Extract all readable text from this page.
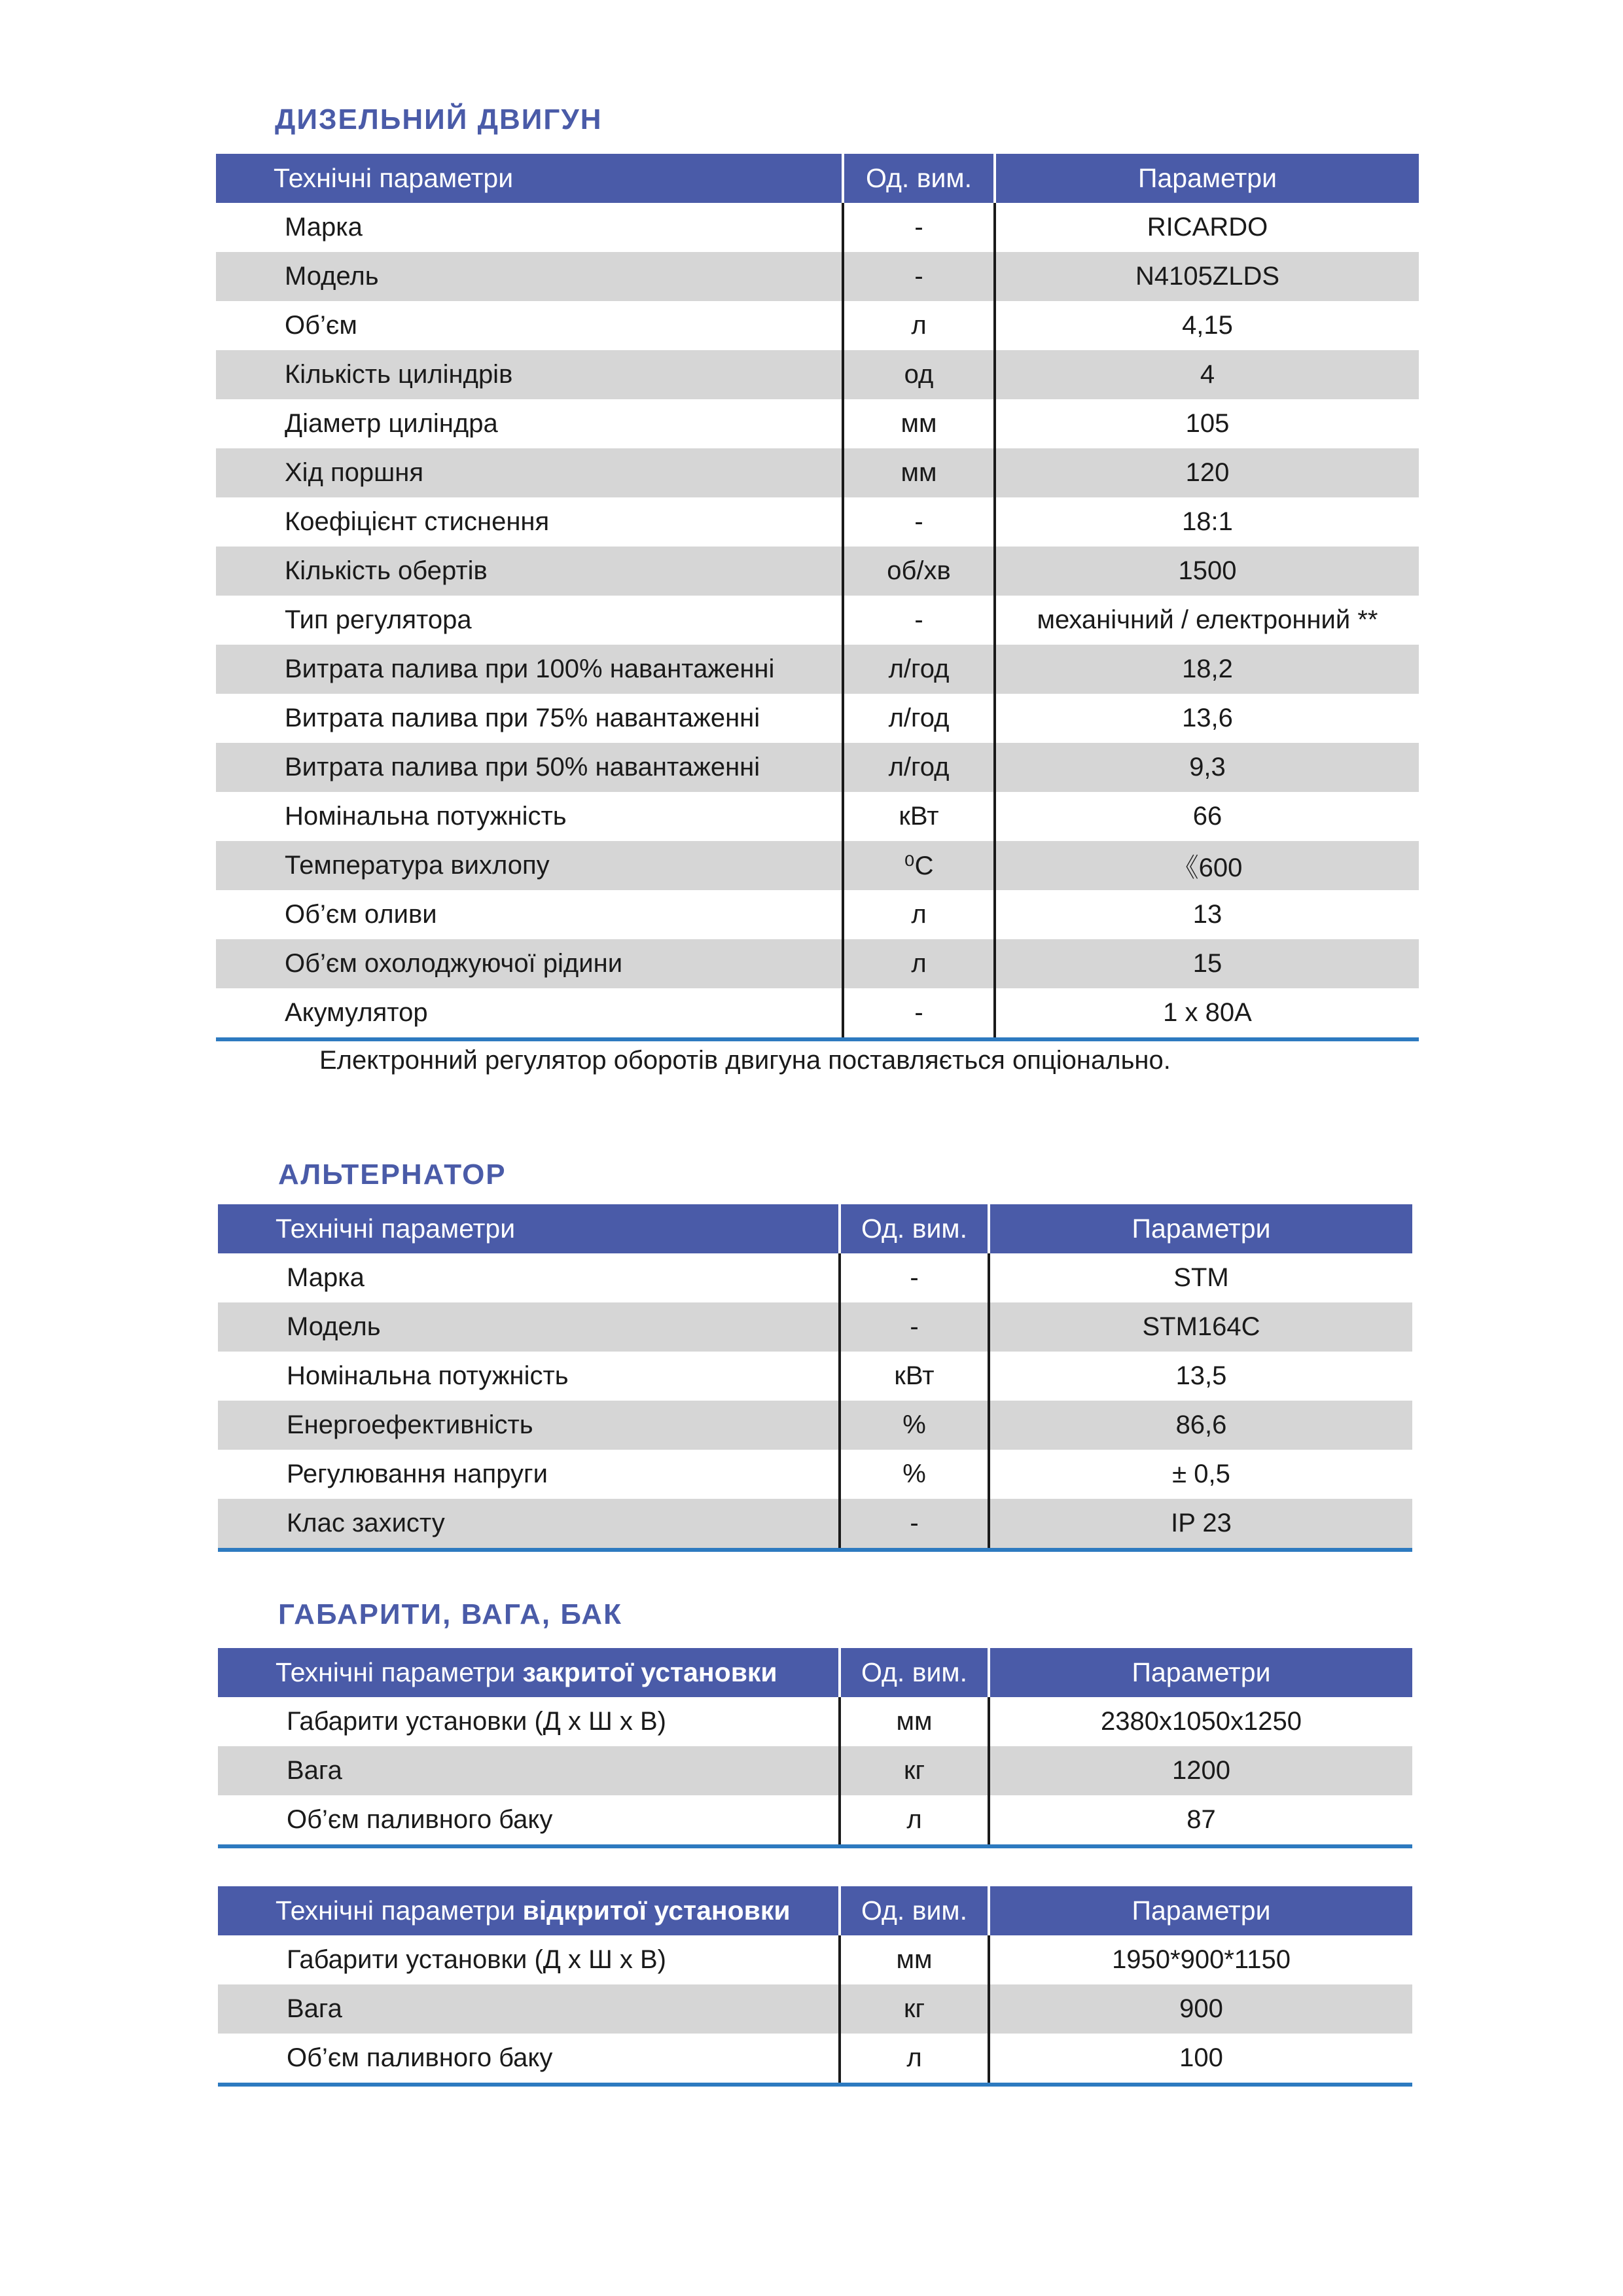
ДИЗЕЛЬНИЙ ДВИГУН
Технічні параметри	Од. вим.	Параметри
Марка	-	RICARDO
Модель	-	N4105ZLDS
Об’єм	л	4,15
Кількість циліндрів	од	4
Діаметр циліндра	мм	105
Хід поршня	мм	120
Коефіцієнт стиснення	-	18:1
Кількість обертів	об/хв	1500
Тип регулятора	-	механічний / електронний **
Витрата палива при 100% навантаженні	л/год	18,2
Витрата палива при 75% навантаженні	л/год	13,6
Витрата палива при 50% навантаженні	л/год	9,3
Номінальна потужність	кВт	66
Температура вихлопу	⁰С	《600
Об’єм оливи	л	13
Об’єм охолоджуючої рідини	л	15
Акумулятор	-	1 x 80А

Електронний регулятор оборотів двигуна поставляється опціонально.

АЛЬТЕРНАТОР
Технічні параметри	Од. вим.	Параметри
Марка	-	STM
Модель	-	STM164C
Номінальна потужність	кВт	13,5
Енергоефективність	%	86,6
Регулювання напруги	%	± 0,5
Клас захисту	-	IP 23
ГАБАРИТИ, ВАГА, БАК
Технічні параметри закритої установки	Од. вим.	Параметри
Габарити установки (Д х Ш х В)	мм	2380x1050x1250
Вага	кг	1200
Об’єм паливного баку	л	87
Технічні параметри відкритої установки	Од. вим.	Параметри
Габарити установки (Д х Ш х В)	мм	1950*900*1150
Вага	кг	900
Об’єм паливного баку	л	100
